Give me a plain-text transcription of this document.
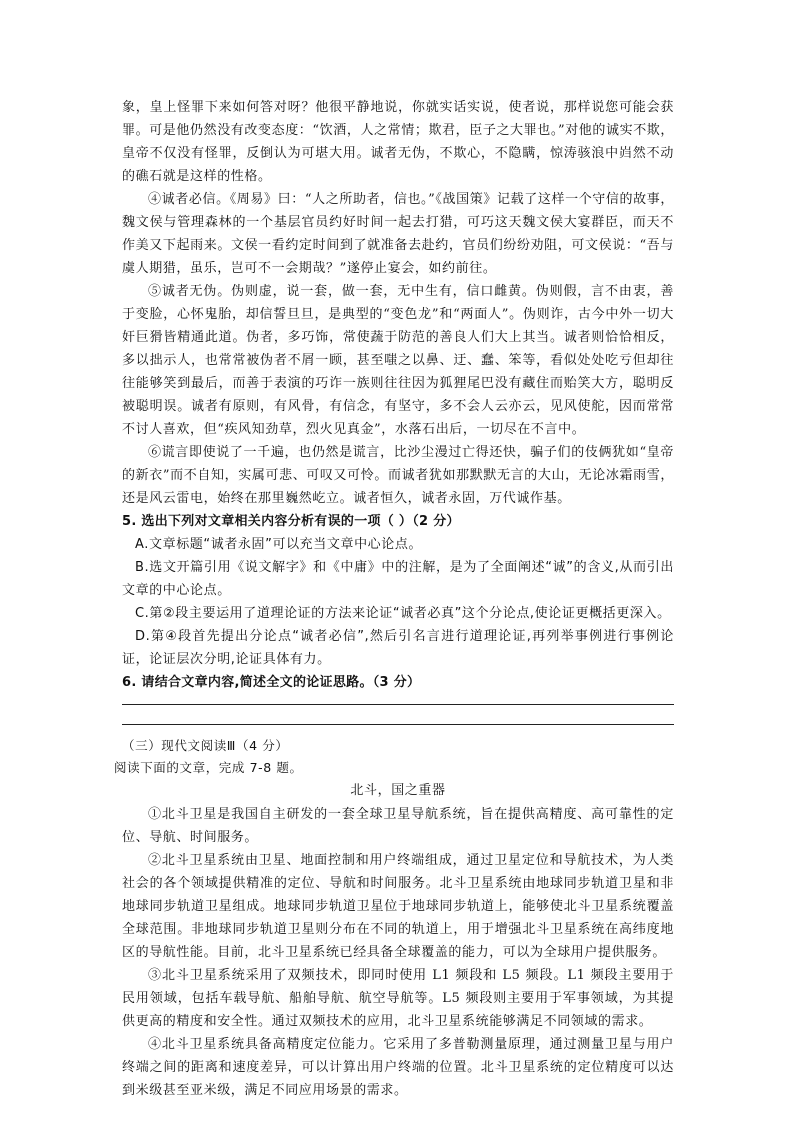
象，皇上怪罪下来如何答对呀？他很平静地说，你就实话实说，使者说，那样说您可能会获罪。可是他仍然没有改变态度：“饮酒，人之常情；欺君，臣子之大罪也。”对他的诚实不欺，皇帝不仅没有怪罪，反倒认为可堪大用。诚者无伪，不欺心，不隐瞒，惊涛骇浪中岿然不动的礁石就是这样的性格。

④诚者必信。《周易》曰：“人之所助者，信也。”《战国策》记载了这样一个守信的故事，魏文侯与管理森林的一个基层官员约好时间一起去打猎，可巧这天魏文侯大宴群臣，而天不作美又下起雨来。文侯一看约定时间到了就准备去赴约，官员们纷纷劝阻，可文侯说：“吾与虞人期猎，虽乐，岂可不一会期哉？”遂停止宴会，如约前往。

⑤诚者无伪。伪则虚，说一套，做一套，无中生有，信口雌黄。伪则假，言不由衷，善于变脸，心怀鬼胎，却信誓旦旦，是典型的“变色龙”和“两面人”。伪则诈，古今中外一切大奸巨猾皆精通此道。伪者，多巧饰，常使蔬于防范的善良人们大上其当。诚者则恰恰相反，多以拙示人，也常常被伪者不屑一顾，甚至嗤之以鼻、迂、蠢、笨等，看似处处吃亏但却往往能够笑到最后，而善于表演的巧诈一族则往往因为狐狸尾巴没有藏住而贻笑大方，聪明反被聪明误。诚者有原则，有风骨，有信念，有坚守，多不会人云亦云，见风使舵，因而常常不讨人喜欢，但“疾风知劲草，烈火见真金”，水落石出后，一切尽在不言中。

⑥谎言即使说了一千遍，也仍然是谎言，比沙尘漫过亡得还快，骗子们的伎俩犹如“皇帝的新衣”而不自知，实属可悲、可叹又可怜。而诚者犹如那默默无言的大山，无论冰霜雨雪，还是风云雷电，始终在那里巍然屹立。诚者恒久，诚者永固，万代诚作基。

5. 选出下列对文章相关内容分析有误的一项（ ）（2 分）

A.文章标题“诚者永固”可以充当文章中心论点。

B.选文开篇引用《说文解字》和《中庸》中的注解，是为了全面阐述“诚”的含义,从而引出文章的中心论点。

C.第②段主要运用了道理论证的方法来论证“诚者必真”这个分论点,使论证更概括更深入。

D.第④段首先提出分论点“诚者必信”,然后引名言进行道理论证,再列举事例进行事例论证，论证层次分明,论证具体有力。

6. 请结合文章内容,简述全文的论证思路。（3 分）

（三）现代文阅读Ⅲ（4 分）

阅读下面的文章，完成 7-8 题。

北斗，国之重器

①北斗卫星是我国自主研发的一套全球卫星导航系统，旨在提供高精度、高可靠性的定位、导航、时间服务。

②北斗卫星系统由卫星、地面控制和用户终端组成，通过卫星定位和导航技术，为人类社会的各个领域提供精准的定位、导航和时间服务。北斗卫星系统由地球同步轨道卫星和非地球同步轨道卫星组成。地球同步轨道卫星位于地球同步轨道上，能够使北斗卫星系统覆盖全球范围。非地球同步轨道卫星则分布在不同的轨道上，用于增强北斗卫星系统在高纬度地区的导航性能。目前，北斗卫星系统已经具备全球覆盖的能力，可以为全球用户提供服务。

③北斗卫星系统采用了双频技术，即同时使用 L1 频段和 L5 频段。L1 频段主要用于民用领域，包括车载导航、船舶导航、航空导航等。L5 频段则主要用于军事领域，为其提供更高的精度和安全性。通过双频技术的应用，北斗卫星系统能够满足不同领域的需求。

④北斗卫星系统具备高精度定位能力。它采用了多普勒测量原理，通过测量卫星与用户终端之间的距离和速度差异，可以计算出用户终端的位置。北斗卫星系统的定位精度可以达到米级甚至亚米级，满足不同应用场景的需求。
